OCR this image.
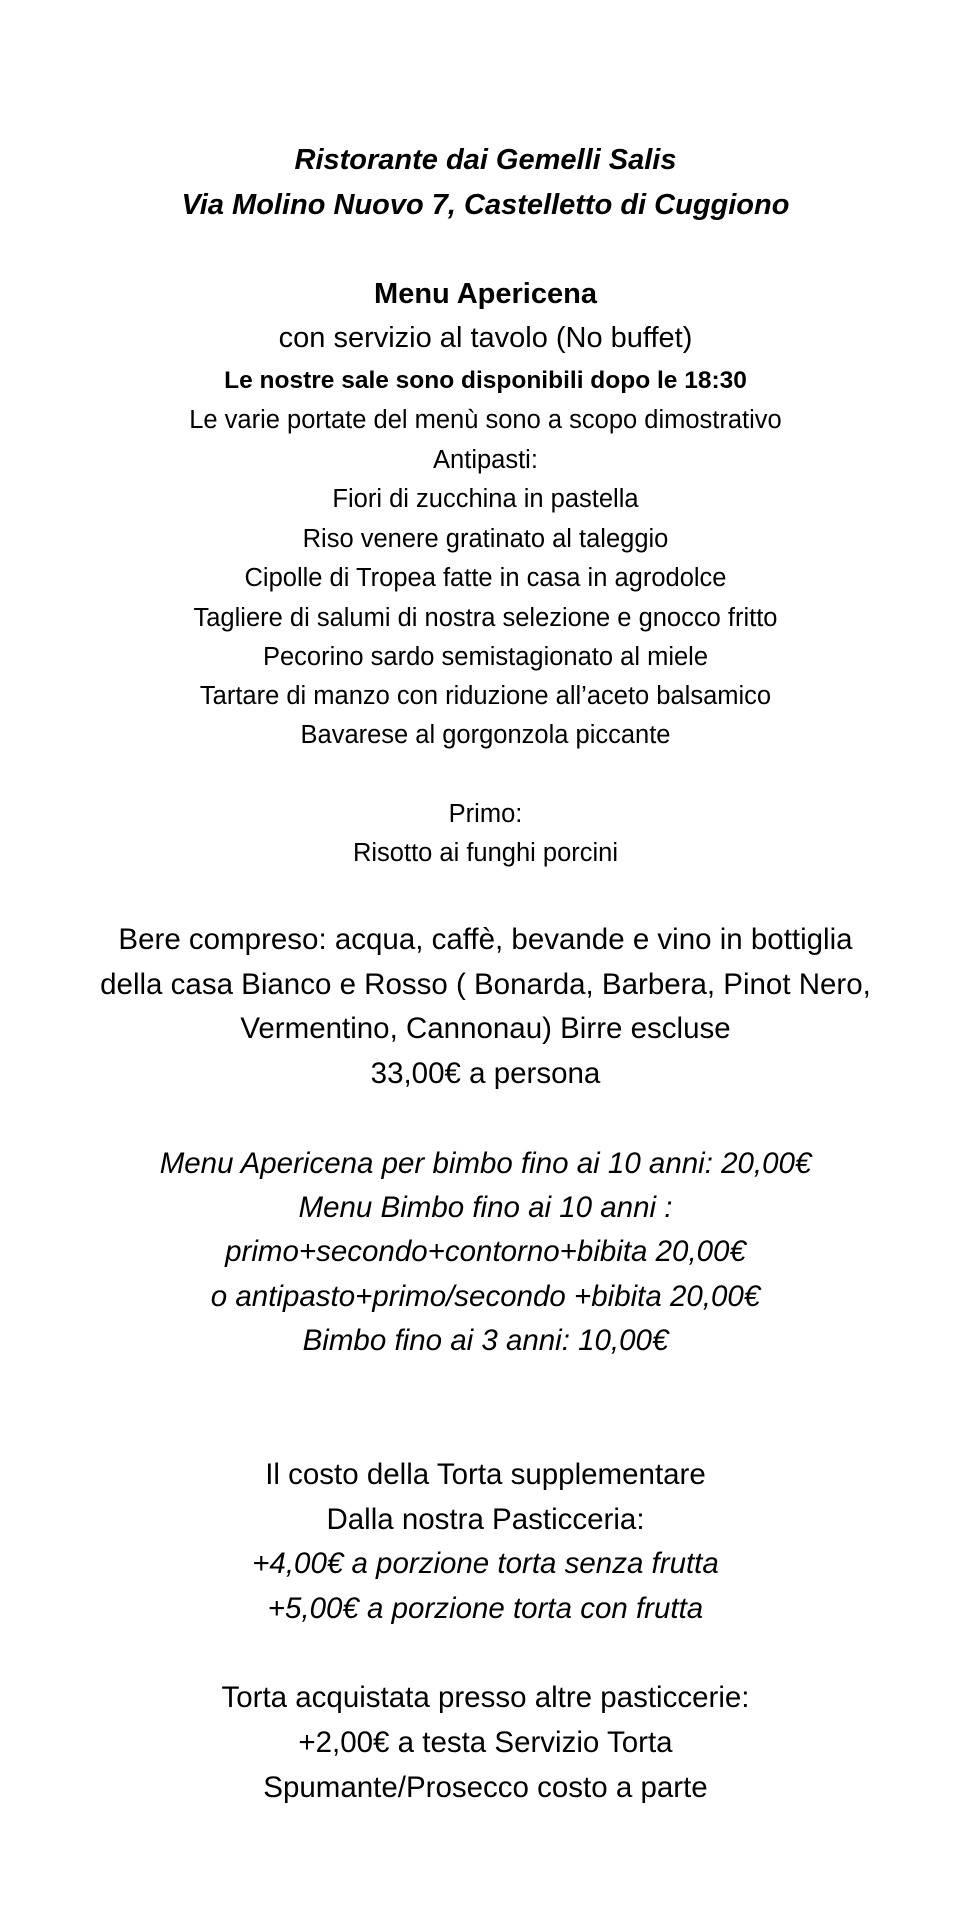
Ristorante dai Gemelli Salis
Via Molino Nuovo 7, Castelletto di Cuggiono
Menu Apericena
con servizio al tavolo (No buffet)
Le nostre sale sono disponibili dopo le 18:30
Le varie portate del menù sono a scopo dimostrativo
Antipasti:
Fiori di zucchina in pastella
Riso venere gratinato al taleggio
Cipolle di Tropea fatte in casa in agrodolce
Tagliere di salumi di nostra selezione e gnocco fritto
Pecorino sardo semistagionato al miele
Tartare di manzo con riduzione all’aceto balsamico
Bavarese al gorgonzola piccante
Primo:
Risotto ai funghi porcini
Bere compreso: acqua, caffè, bevande e vino in bottiglia
della casa Bianco e Rosso ( Bonarda, Barbera, Pinot Nero,
Vermentino, Cannonau) Birre escluse
33,00€ a persona
Menu Apericena per bimbo fino ai 10 anni: 20,00€
Menu Bimbo fino ai 10 anni :
primo+secondo+contorno+bibita 20,00€
o antipasto+primo/secondo +bibita 20,00€
Bimbo fino ai 3 anni: 10,00€
Il costo della Torta supplementare
Dalla nostra Pasticceria:
+4,00€ a porzione torta senza frutta
+5,00€ a porzione torta con frutta
Torta acquistata presso altre pasticcerie:
+2,00€ a testa Servizio Torta
Spumante/Prosecco costo a parte
